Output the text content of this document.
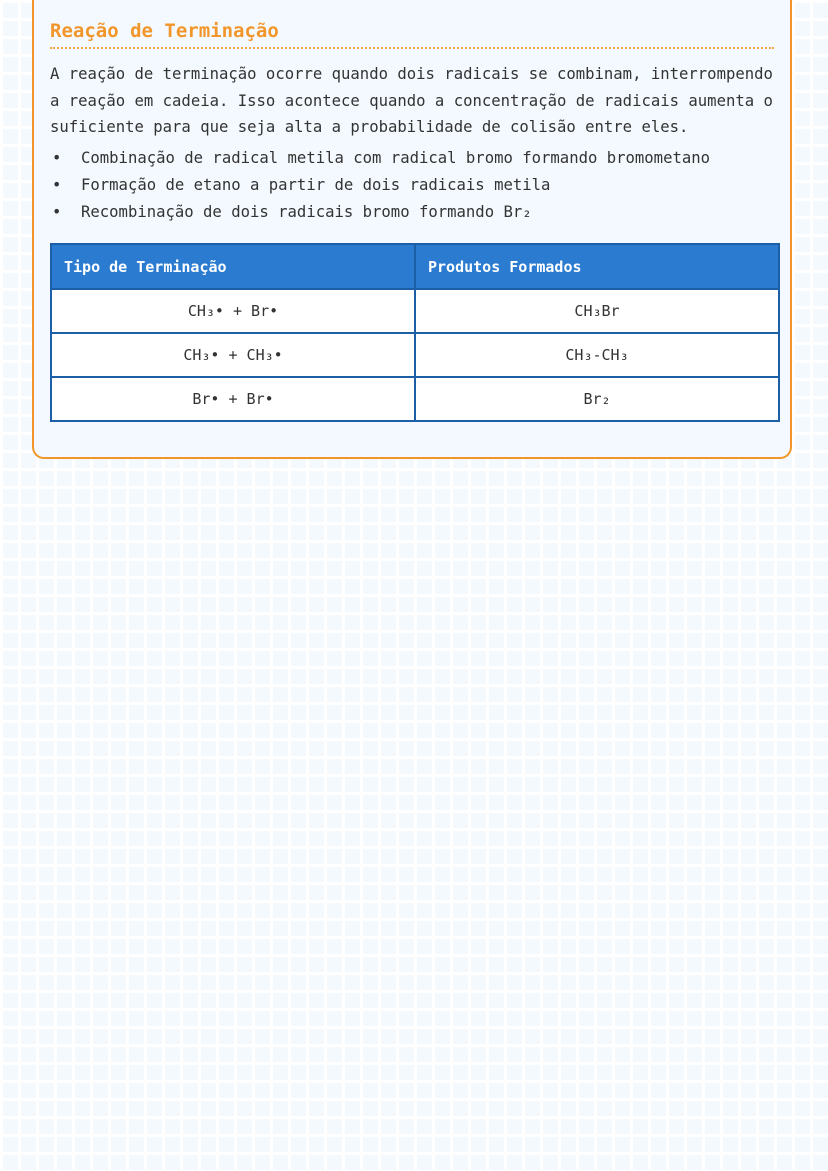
Reação de Terminação

A reação de terminação ocorre quando dois radicais se combinam, interrompendo a reação em cadeia. Isso acontece quando a concentração de radicais aumenta o suficiente para que seja alta a probabilidade de colisão entre eles.

• Combinação de radical metila com radical bromo formando bromometano
• Formação de etano a partir de dois radicais metila
• Recombinação de dois radicais bromo formando Br₂
Tipo de Terminação	Produtos Formados
CH₃• + Br•	CH₃Br
CH₃• + CH₃•	CH₃-CH₃
Br• + Br•	Br₂
